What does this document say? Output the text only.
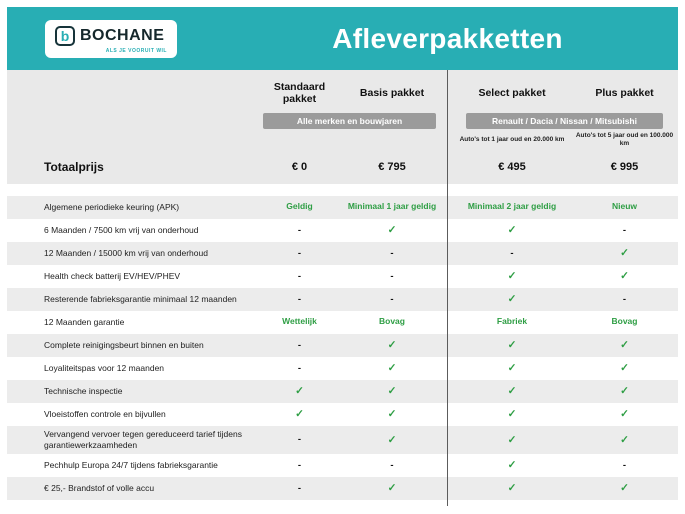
b BOCHANE
ALS JE VOORUIT WIL	Afleverpakketten
Standaard pakket	Basis pakket	Select pakket	Plus pakket
Alle merken en bouwjaren	Renault / Dacia / Nissan / Mitsubishi
Auto's tot 1 jaar oud en 20.000 km
Auto's tot 5 jaar oud en 100.000 km
Totaalprijs	€ 0	€ 795	€ 495	€ 995
Algemene periodieke keuring (APK)	Geldig	Minimaal 1 jaar geldig	Minimaal 2 jaar geldig	Nieuw
6 Maanden / 7500 km vrij van onderhoud	-	✓	✓	-
12 Maanden / 15000 km vrij van onderhoud	-	-	-	✓
Health check batterij EV/HEV/PHEV	-	-	✓	✓
Resterende fabrieksgarantie minimaal 12 maanden	-	-	✓	-
12 Maanden garantie	Wettelijk	Bovag	Fabriek	Bovag
Complete reinigingsbeurt binnen en buiten	-	✓	✓	✓
Loyaliteitspas voor 12 maanden	-	✓	✓	✓
Technische inspectie	✓	✓	✓	✓
Vloeistoffen controle en bijvullen	✓	✓	✓	✓
Vervangend vervoer tegen gereduceerd tarief tijdens garantiewerkzaamheden	-	✓	✓	✓
Pechhulp Europa 24/7 tijdens fabrieksgarantie	-	-	✓	-
€ 25,- Brandstof of volle accu	-	✓	✓	✓
